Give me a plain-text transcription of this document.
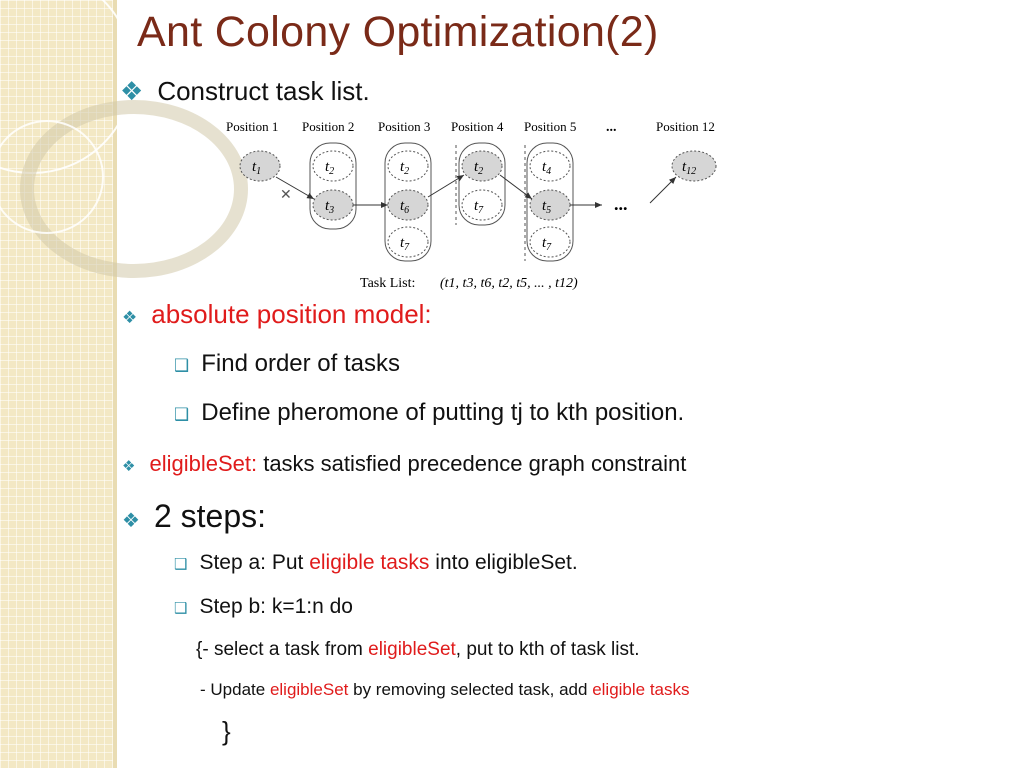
Ant Colony Optimization(2)
❖ Construct task list.
Position 1 Position 2 Position 3 Position 4 Position 5 ...	Position 12
$t_1$	$t_2$
$t_3$
$t_2$
$t_6$
$t_7$
$t_2$
$t_7$
$t_4$
$t_5$
$t_7$
$t_{12}$
✕	...
Task List: (t1, t3, t6, t2, t5, ... , t12)
❖ absolute position model:
❑ Find order of tasks
❑ Define pheromone of putting tj to kth position.
❖ eligibleSet: tasks satisfied precedence graph constraint
❖ 2 steps:
❑ Step a: Put eligible tasks into eligibleSet.
❑ Step b: k=1:n do
{- select a task from eligibleSet , put to kth of task list.
- Update eligibleSet by removing selected task, add eligible tasks
}
